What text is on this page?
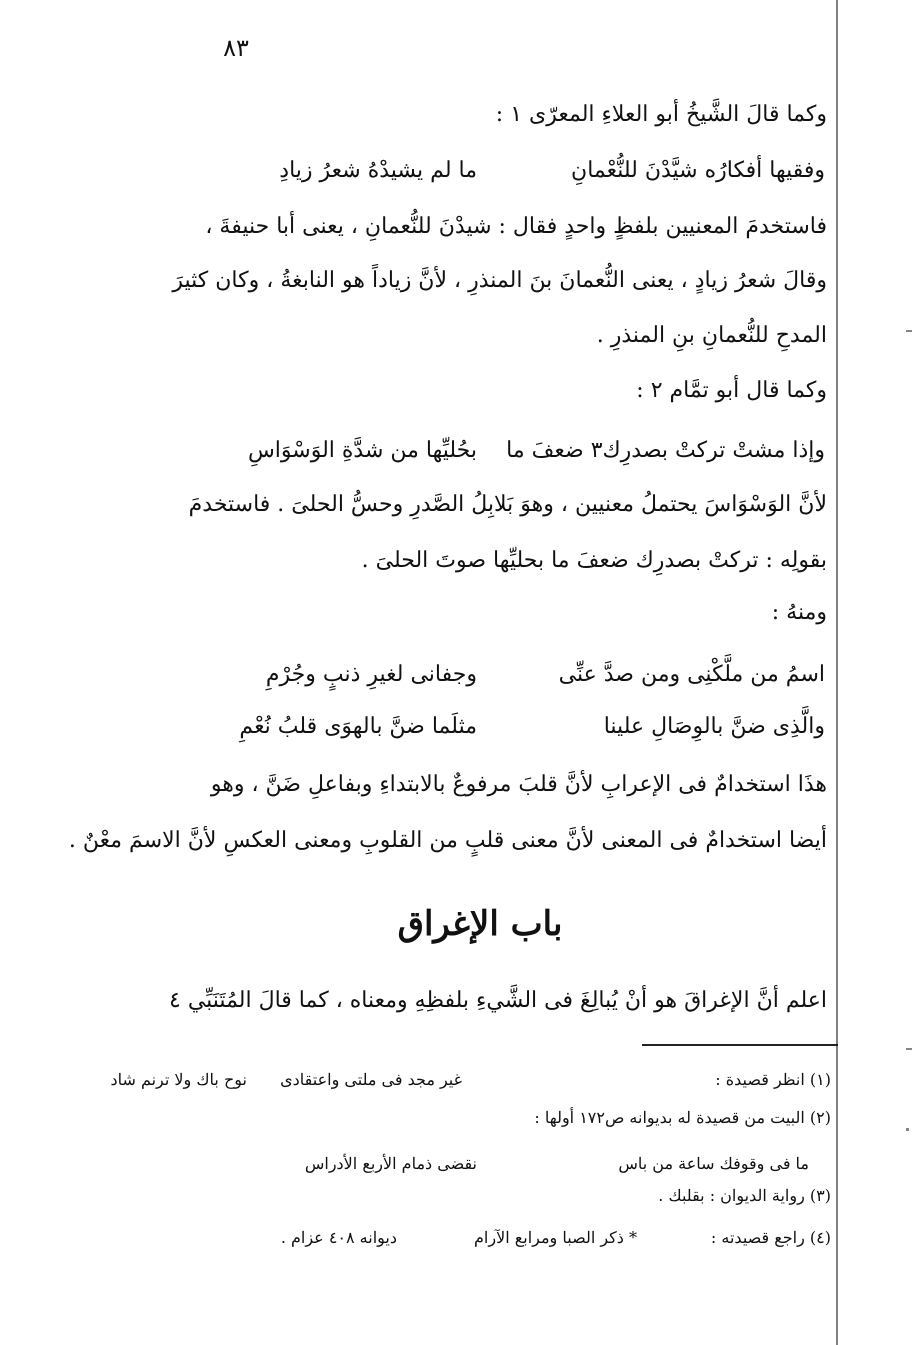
٨٣
وكما قالَ الشَّيخُ أبو العلاءِ المعرّى ١ :
ما لم يشيدْهُ شعرُ زيادِ	وفقيها أفكارُه شيَّدْنَ للنُّعْمانِ
فاستخدمَ المعنيين بلفظٍ واحدٍ فقال : شيدْنَ للنُّعمانِ ، يعنى أبا حنيفةَ ،
وقالَ شعرُ زيادٍ ، يعنى النُّعمانَ بنَ المنذرِ ، لأنَّ زياداً هو النابغةُ ، وكان كثيرَ
المدحِ للنُّعمانِ بنِ المنذرِ .
وكما قال أبو تمَّام ٢ :
بحُليِّها من شدَّةِ الوَسْوَاسِ	وإذا مشتْ تركتْ بصدرِك٣ ضعفَ ما
لأنَّ الوَسْوَاسَ يحتملُ معنيين ، وهوَ بَلابِلُ الصَّدرِ وحسُّ الحلىَ . فاستخدمَ
بقولِه : تركتْ بصدرِك ضعفَ ما بحليِّها صوتَ الحلىَ .
ومنهُ :
وجفانى لغيرِ ذنبٍ وجُرْمِ	اسمُ من ملَّكْنِى ومن صدَّ عنِّى
مثلَما ضنَّ بالهوَى قلبُ نُعْمِ	والَّذِى ضنَّ بالوِصَالِ علينا
هذَا استخدامٌ فى الإعرابِ لأنَّ قلبَ مرفوعٌ بالابتداءِ وبفاعلِ ضَنَّ ، وهو
أيضا استخدامٌ فى المعنى لأنَّ معنى قلبٍ من القلوبِ ومعنى العكسِ لأنَّ الاسمَ معْنٌ .
باب الإغراق
اعلم أنَّ الإغراقَ هو أنْ يُبالِغَ فى الشَّيءِ بلفظِهِ ومعناه ، كما قالَ المُتَنَبِّي ٤
(١) انظر قصيدة :
غير مجد فى ملتى واعتقادى
نوح باك ولا ترنم شاد
(٢) البيت من قصيدة له بديوانه ص١٧٢ أولها :
ما فى وقوفك ساعة من باس
نقضى ذمام الأربع الأدراس
(٣) رواية الديوان : بقلبك .
(٤) راجع قصيدته :
* ذكر الصبا ومرابع الآرام
ديوانه ٤٠٨ عزام .
